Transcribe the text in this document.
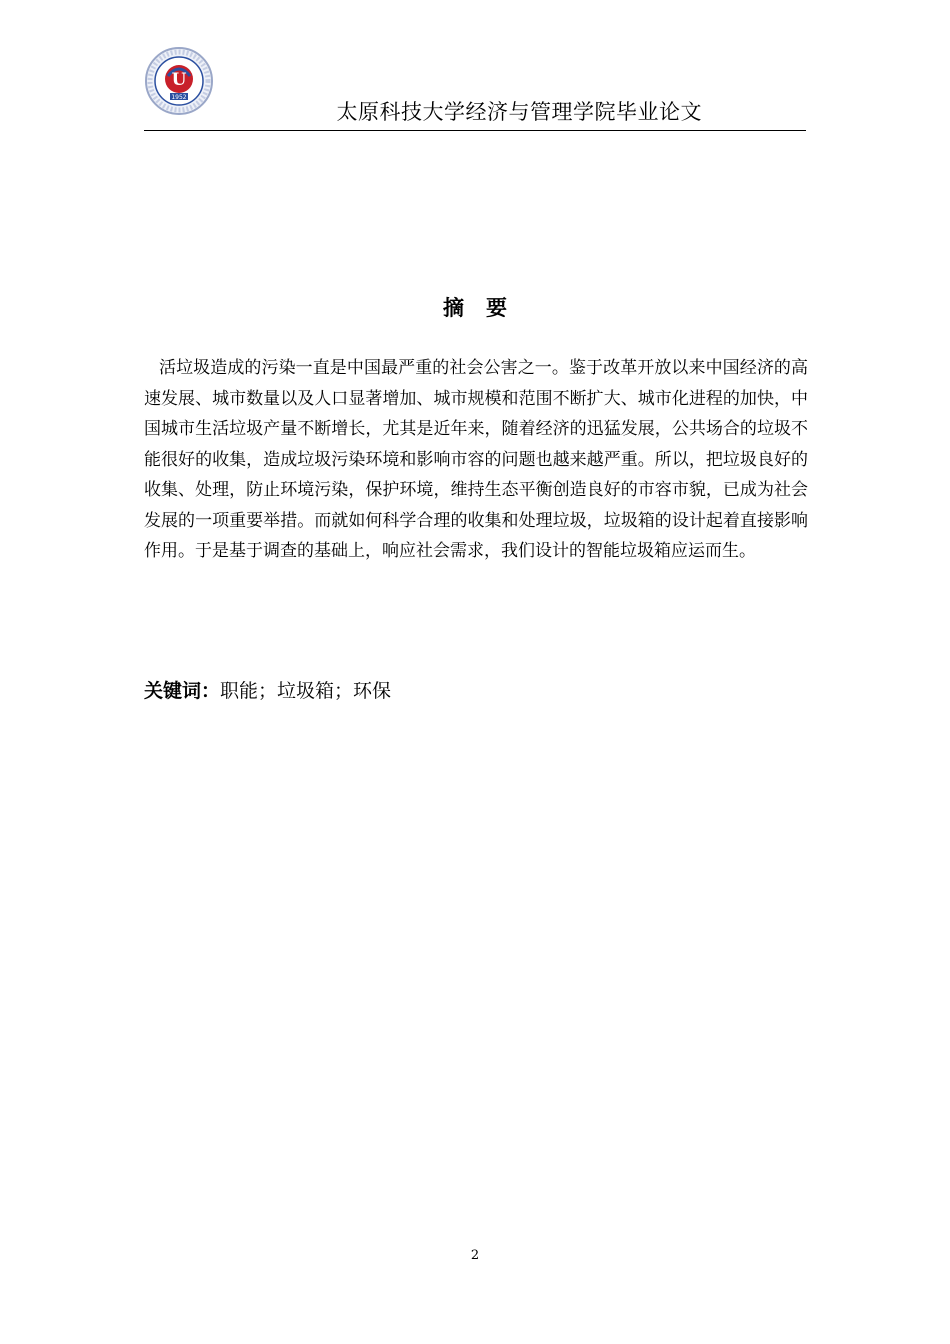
U
1952
太原科技大学经济与管理学院毕业论文
摘 要
活垃圾造成的污染一直是中国最严重的社会公害之一。鉴于改革开放以来中国经济的高速发展、城市数量以及人口显著增加、城市规模和范围不断扩大、城市化进程的加快，中国城市生活垃圾产量不断增长，尤其是近年来，随着经济的迅猛发展，公共场合的垃圾不能很好的收集，造成垃圾污染环境和影响市容的问题也越来越严重。所以，把垃圾良好的收集、处理，防止环境污染，保护环境，维持生态平衡创造良好的市容市貌，已成为社会发展的一项重要举措。而就如何科学合理的收集和处理垃圾，垃圾箱的设计起着直接影响作用。于是基于调查的基础上，响应社会需求，我们设计的智能垃圾箱应运而生。
关键词：职能；垃圾箱；环保
2
